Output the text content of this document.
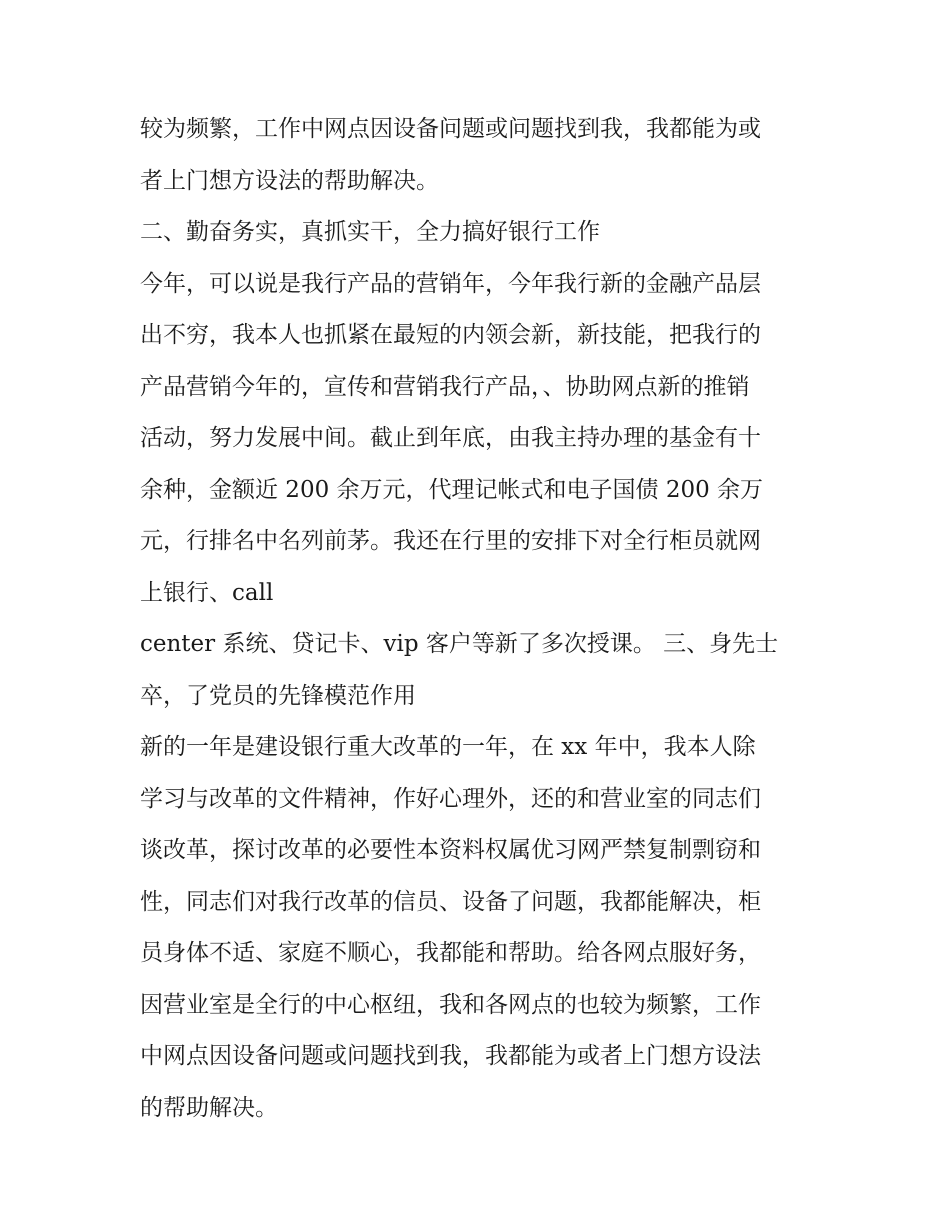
较为频繁，工作中网点因设备问题或问题找到我，我都能为或
者上门想方设法的帮助解决。
二、勤奋务实，真抓实干，全力搞好银行工作
今年，可以说是我行产品的营销年，今年我行新的金融产品层
出不穷，我本人也抓紧在最短的内领会新，新技能，把我行的
产品营销今年的，宣传和营销我行产品，、协助网点新的推销
活动，努力发展中间。截止到年底，由我主持办理的基金有十
余种，金额近 200 余万元，代理记帐式和电子国债 200 余万
元，行排名中名列前茅。我还在行里的安排下对全行柜员就网
上银行、call
center 系统、贷记卡、vip 客户等新了多次授课。 三、身先士
卒，了党员的先锋模范作用
新的一年是建设银行重大改革的一年，在 xx 年中，我本人除
学习与改革的文件精神，作好心理外，还的和营业室的同志们
谈改革，探讨改革的必要性本资料权属优习网严禁复制剽窃和
性，同志们对我行改革的信员、设备了问题，我都能解决，柜
员身体不适、家庭不顺心，我都能和帮助。给各网点服好务，
因营业室是全行的中心枢纽，我和各网点的也较为频繁，工作
中网点因设备问题或问题找到我，我都能为或者上门想方设法
的帮助解决。
